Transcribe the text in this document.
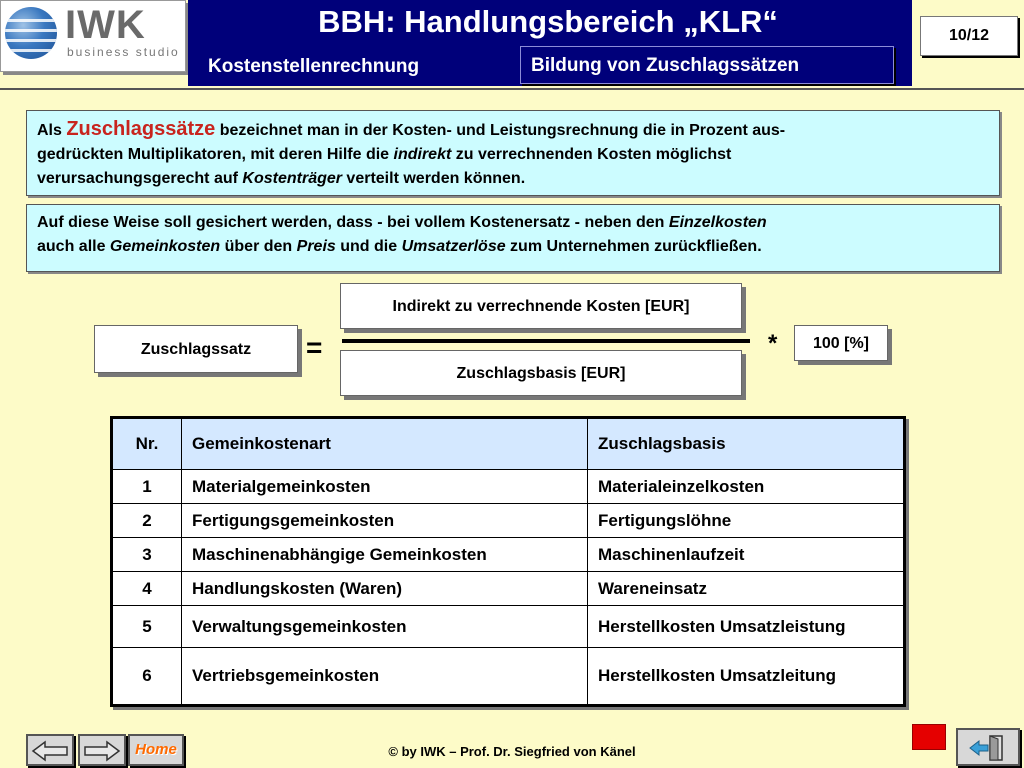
IWK
business studio
BBH: Handlungsbereich „KLR“
Kostenstellenrechnung	Bildung von Zuschlagssätzen
10/12
Als Zuschlagssätze bezeichnet man in der Kosten- und Leistungsrechnung die in Prozent aus-
gedrückten Multiplikatoren, mit deren Hilfe die indirekt zu verrechnenden Kosten möglichst
verursachungsgerecht auf Kostenträger verteilt werden können.
Auf diese Weise soll gesichert werden, dass - bei vollem Kostenersatz - neben den Einzelkosten
auch alle Gemeinkosten über den Preis und die Umsatzerlöse zum Unternehmen zurückfließen.
Indirekt zu verrechnende Kosten [EUR]
Zuschlagsbasis [EUR]
Zuschlagssatz	=	*	100 [%]
Nr.	Gemeinkostenart	Zuschlagsbasis
1	Materialgemeinkosten	Materialeinzelkosten
2	Fertigungsgemeinkosten	Fertigungslöhne
3	Maschinenabhängige Gemeinkosten	Maschinenlaufzeit
4	Handlungskosten (Waren)	Wareneinsatz
5	Verwaltungsgemeinkosten	Herstellkosten Umsatzleistung
6	Vertriebsgemeinkosten	Herstellkosten Umsatzleitung
Home	© by IWK – Prof. Dr. Siegfried von Känel
